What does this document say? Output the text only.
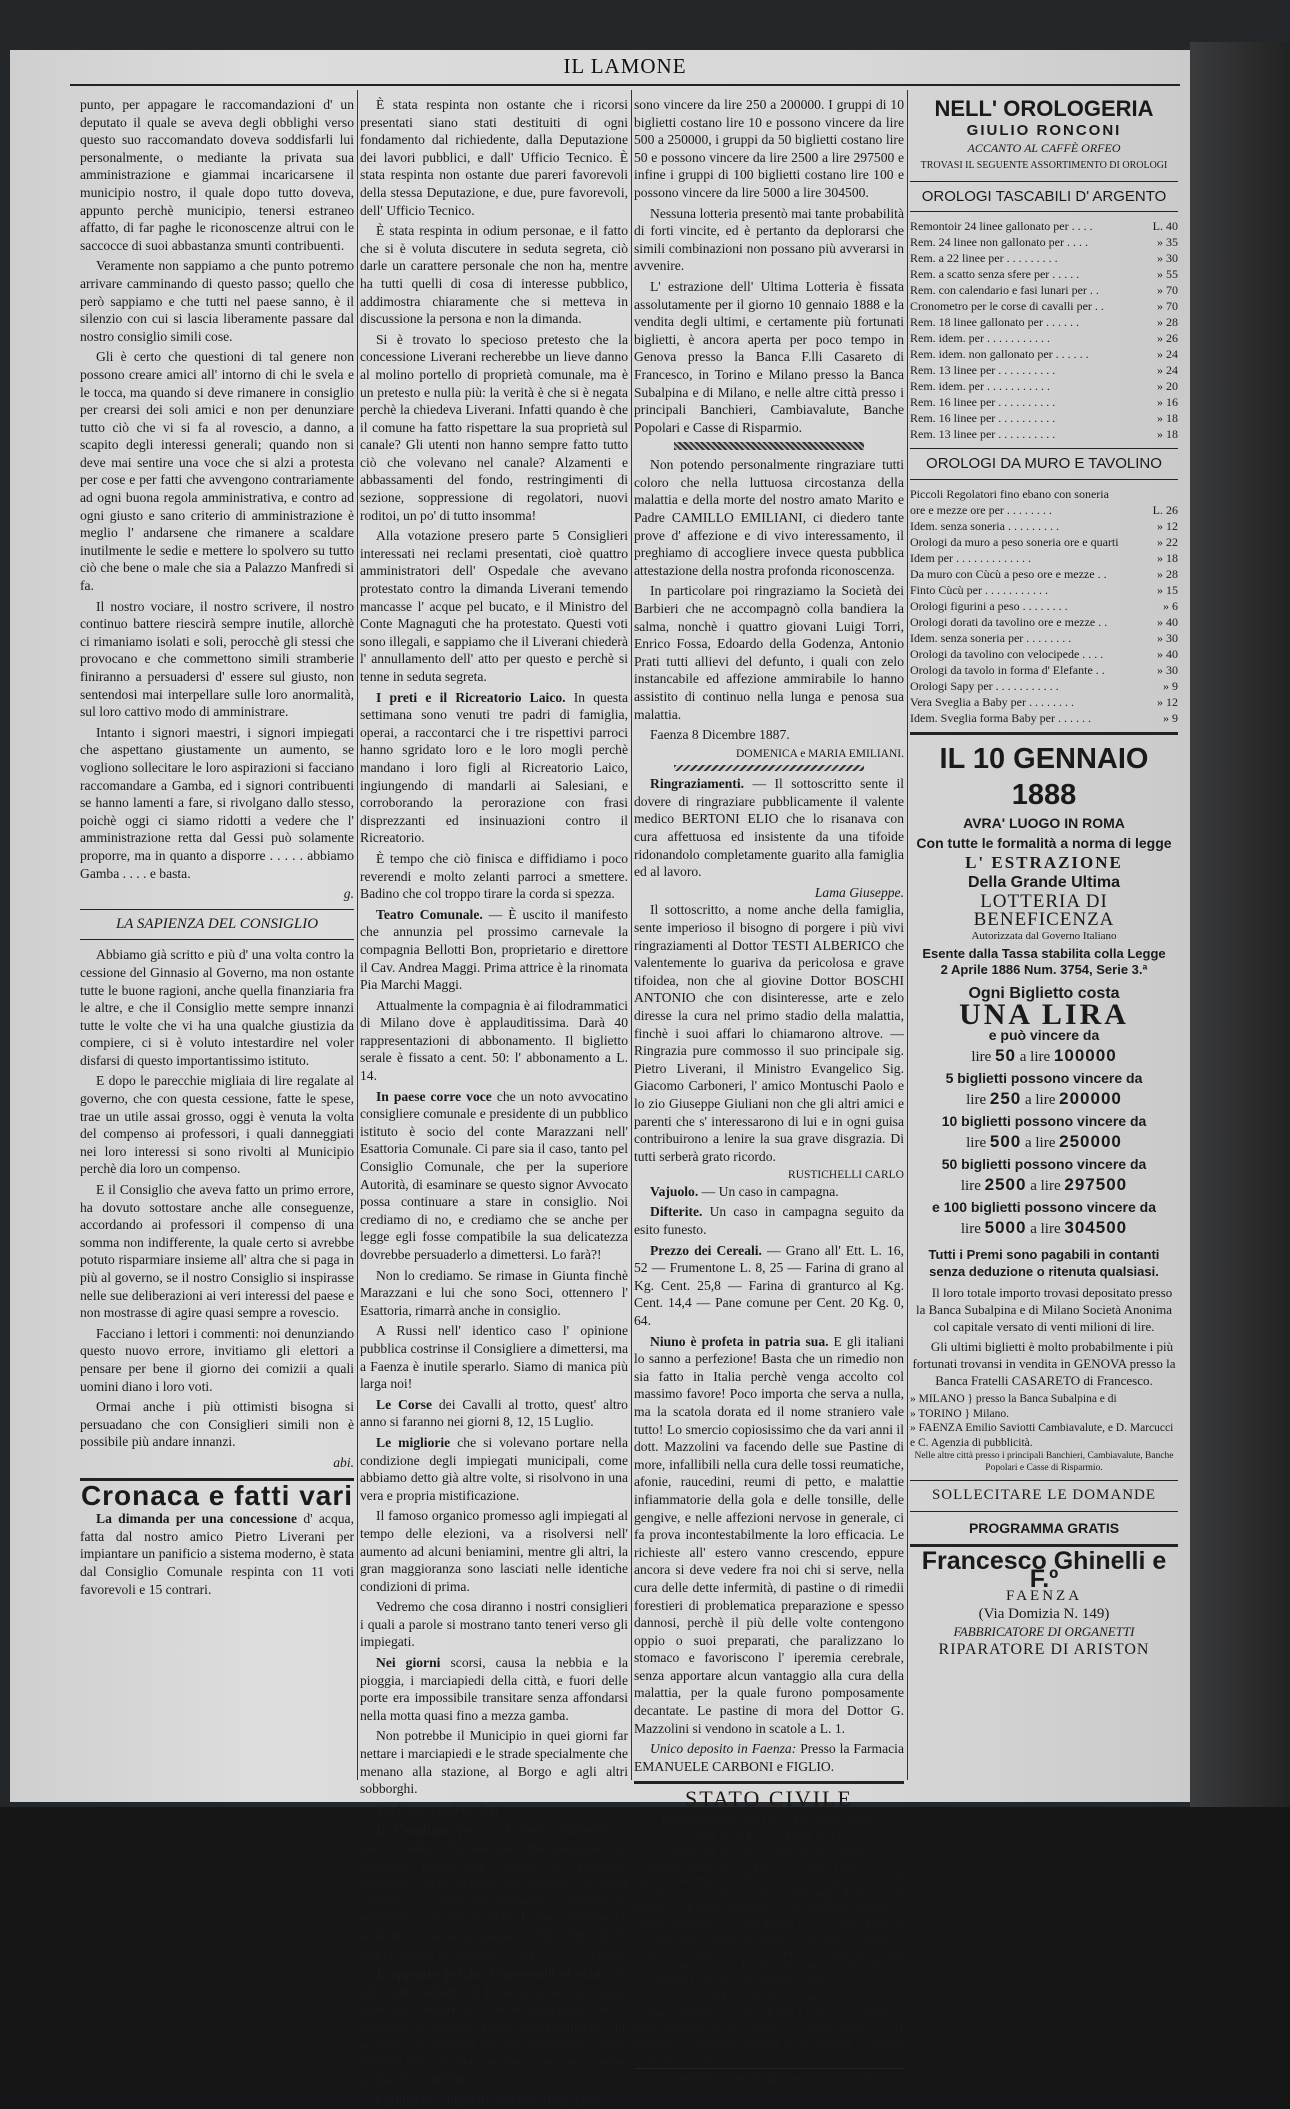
IL LAMONE

punto, per appagare le raccomandazioni d' un deputato il quale se aveva degli obblighi verso questo suo raccomandato doveva soddisfarli lui personalmente, o mediante la privata sua amministrazione e giammai incaricarsene il municipio nostro, il quale dopo tutto doveva, appunto perchè municipio, tenersi estraneo affatto, di far paghe le riconoscenze altrui con le saccocce di suoi abbastanza smunti contribuenti.

Veramente non sappiamo a che punto potremo arrivare camminando di questo passo; quello che però sappiamo e che tutti nel paese sanno, è il silenzio con cui si lascia liberamente passare dal nostro consiglio simili cose.

Gli è certo che questioni di tal genere non possono creare amici all' intorno di chi le svela e le tocca, ma quando si deve rimanere in consiglio per crearsi dei soli amici e non per denunziare tutto ciò che vi si fa al rovescio, a danno, a scapito degli interessi generali; quando non si deve mai sentire una voce che si alzi a protesta per cose e per fatti che avvengono contrariamente ad ogni buona regola amministrativa, e contro ad ogni giusto e sano criterio di amministrazione è meglio l' andarsene che rimanere a scaldare inutilmente le sedie e mettere lo spolvero su tutto ciò che bene o male che sia a Palazzo Manfredi si fa.

Il nostro vociare, il nostro scrivere, il nostro continuo battere riescirà sempre inutile, allorchè ci rimaniamo isolati e soli, perocchè gli stessi che provocano e che commettono simili stramberie finiranno a persuadersi d' essere sul giusto, non sentendosi mai interpellare sulle loro anormalità, sul loro cattivo modo di amministrare.

Intanto i signori maestri, i signori impiegati che aspettano giustamente un aumento, se vogliono sollecitare le loro aspirazioni si facciano raccomandare a Gamba, ed i signori contribuenti se hanno lamenti a fare, si rivolgano dallo stesso, poichè oggi ci siamo ridotti a vedere che l' amministrazione retta dal Gessi può solamente proporre, ma in quanto a disporre . . . . . abbiamo Gamba . . . . e basta.

g.
LA SAPIENZA DEL CONSIGLIO

Abbiamo già scritto e più d' una volta contro la cessione del Ginnasio al Governo, ma non ostante tutte le buone ragioni, anche quella finanziaria fra le altre, e che il Consiglio mette sempre innanzi tutte le volte che vi ha una qualche giustizia da compiere, ci si è voluto intestardire nel voler disfarsi di questo importantissimo istituto.

E dopo le parecchie migliaia di lire regalate al governo, che con questa cessione, fatte le spese, trae un utile assai grosso, oggi è venuta la volta del compenso ai professori, i quali danneggiati nei loro interessi si sono rivolti al Municipio perchè dia loro un compenso.

E il Consiglio che aveva fatto un primo errore, ha dovuto sottostare anche alle conseguenze, accordando ai professori il compenso di una somma non indifferente, la quale certo si avrebbe potuto risparmiare insieme all' altra che si paga in più al governo, se il nostro Consiglio si inspirasse nelle sue deliberazioni ai veri interessi del paese e non mostrasse di agire quasi sempre a rovescio.

Facciano i lettori i commenti: noi denunziando questo nuovo errore, invitiamo gli elettori a pensare per bene il giorno dei comizii a quali uomini diano i loro voti.

Ormai anche i più ottimisti bisogna si persuadano che con Consiglieri simili non è possibile più andare innanzi.

abi.
Cronaca e fatti vari

La dimanda per una concessione d' acqua, fatta dal nostro amico Pietro Liverani per impiantare un panificio a sistema moderno, è stata dal Consiglio Comunale respinta con 11 voti favorevoli e 15 contrari.

È stata respinta non ostante che i ricorsi presentati siano stati destituiti di ogni fondamento dal richiedente, dalla Deputazione dei lavori pubblici, e dall' Ufficio Tecnico. È stata respinta non ostante due pareri favorevoli della stessa Deputazione, e due, pure favorevoli, dell' Ufficio Tecnico.

È stata respinta in odium personae, e il fatto che si è voluta discutere in seduta segreta, ciò darle un carattere personale che non ha, mentre ha tutti quelli di cosa di interesse pubblico, addimostra chiaramente che si metteva in discussione la persona e non la dimanda.

Si è trovato lo specioso pretesto che la concessione Liverani recherebbe un lieve danno al molino portello di proprietà comunale, ma è un pretesto e nulla più: la verità è che si è negata perchè la chiedeva Liverani. Infatti quando è che il comune ha fatto rispettare la sua proprietà sul canale? Gli utenti non hanno sempre fatto tutto ciò che volevano nel canale? Alzamenti e abbassamenti del fondo, restringimenti di sezione, soppressione di regolatori, nuovi roditoi, un po' di tutto insomma!

Alla votazione presero parte 5 Consiglieri interessati nei reclami presentati, cioè quattro amministratori dell' Ospedale che avevano protestato contro la dimanda Liverani temendo mancasse l' acque pel bucato, e il Ministro del Conte Magnaguti che ha protestato. Questi voti sono illegali, e sappiamo che il Liverani chiederà l' annullamento dell' atto per questo e perchè si tenne in seduta segreta.

I preti e il Ricreatorio Laico. In questa settimana sono venuti tre padri di famiglia, operai, a raccontarci che i tre rispettivi parroci hanno sgridato loro e le loro mogli perchè mandano i loro figli al Ricreatorio Laico, ingiungendo di mandarli ai Salesiani, e corroborando la perorazione con frasi disprezzanti ed insinuazioni contro il Ricreatorio.

È tempo che ciò finisca e diffidiamo i poco reverendi e molto zelanti parroci a smettere. Badino che col troppo tirare la corda si spezza.

Teatro Comunale. — È uscito il manifesto che annunzia pel prossimo carnevale la compagnia Bellotti Bon, proprietario e direttore il Cav. Andrea Maggi. Prima attrice è la rinomata Pia Marchi Maggi.

Attualmente la compagnia è ai filodrammatici di Milano dove è applauditissima. Darà 40 rappresentazioni di abbonamento. Il biglietto serale è fissato a cent. 50: l' abbonamento a L. 14.

In paese corre voce che un noto avvocatino consigliere comunale e presidente di un pubblico istituto è socio del conte Marazzani nell' Esattoria Comunale. Ci pare sia il caso, tanto pel Consiglio Comunale, che per la superiore Autorità, di esaminare se questo signor Avvocato possa continuare a stare in consiglio. Noi crediamo di no, e crediamo che se anche per legge egli fosse compatibile la sua delicatezza dovrebbe persuaderlo a dimettersi. Lo farà?!

Non lo crediamo. Se rimase in Giunta finchè Marazzani e lui che sono Soci, ottennero l' Esattoria, rimarrà anche in consiglio.

A Russi nell' identico caso l' opinione pubblica costrinse il Consigliere a dimettersi, ma a Faenza è inutile sperarlo. Siamo di manica più larga noi!

Le Corse dei Cavalli al trotto, quest' altro anno si faranno nei giorni 8, 12, 15 Luglio.

Le migliorie che si volevano portare nella condizione degli impiegati municipali, come abbiamo detto già altre volte, si risolvono in una vera e propria mistificazione.

Il famoso organico promesso agli impiegati al tempo delle elezioni, va a risolversi nell' aumento ad alcuni beniamini, mentre gli altri, la gran maggioranza sono lasciati nelle identiche condizioni di prima.

Vedremo che cosa diranno i nostri consiglieri i quali a parole si mostrano tanto teneri verso gli impiegati.

Nei giorni scorsi, causa la nebbia e la pioggia, i marciapiedi della città, e fuori delle porte era impossibile transitare senza affondarsi nella motta quasi fino a mezza gamba.

Non potrebbe il Municipio in quei giorni far nettare i marciapiedi e le strade specialmente che menano alla stazione, al Borgo e agli altri sobborghi.

Vogliamo credere di sì.

Il Comitato per la Lotteria Nazionale a favore della Esposizione Internazionale di Bologna, invita tutti coloro che volessero occuparsi della vendita dei biglietti di detta Lotteria a volere far domanda corredata di referenze al Comitato della Lotteria Nazionale, sedente in Genova, presso i Flli CROCE fu Mario, piazza S. Giorgio N. 32 p. 1.° — Genova.

È appunto perchè è noto urbi et orbi, che gli ultimi biglietti di Lotteria messi in vendita riportano sempre le vincite principali, che il pubblico si affolla, anche maggiormente, all' acquisto dei biglietti ancora disponibili, i quali costano una sola lira ciascuno e possono vincere da lire 50 a 100000.

I gruppi di 5 biglietti costano 5 lire, e pos-

sono vincere da lire 250 a 200000. I gruppi di 10 biglietti costano lire 10 e possono vincere da lire 500 a 250000, i gruppi da 50 biglietti costano lire 50 e possono vincere da lire 2500 a lire 297500 e infine i gruppi di 100 biglietti costano lire 100 e possono vincere da lire 5000 a lire 304500.

Nessuna lotteria presentò mai tante probabilità di forti vincite, ed è pertanto da deplorarsi che simili combinazioni non possano più avverarsi in avvenire.

L' estrazione dell' Ultima Lotteria è fissata assolutamente per il giorno 10 gennaio 1888 e la vendita degli ultimi, e certamente più fortunati biglietti, è ancora aperta per poco tempo in Genova presso la Banca F.lli Casareto di Francesco, in Torino e Milano presso la Banca Subalpina e di Milano, e nelle altre città presso i principali Banchieri, Cambiavalute, Banche Popolari e Casse di Risparmio.

Non potendo personalmente ringraziare tutti coloro che nella luttuosa circostanza della malattia e della morte del nostro amato Marito e Padre CAMILLO EMILIANI, ci diedero tante prove d' affezione e di vivo interessamento, il preghiamo di accogliere invece questa pubblica attestazione della nostra profonda riconoscenza.

In particolare poi ringraziamo la Società dei Barbieri che ne accompagnò colla bandiera la salma, nonchè i quattro giovani Luigi Torri, Enrico Fossa, Edoardo della Godenza, Antonio Prati tutti allievi del defunto, i quali con zelo instancabile ed affezione ammirabile lo hanno assistito di continuo nella lunga e penosa sua malattia.

Faenza 8 Dicembre 1887.

DOMENICA e MARIA EMILIANI.

Ringraziamenti. — Il sottoscritto sente il dovere di ringraziare pubblicamente il valente medico BERTONI ELIO che lo risanava con cura affettuosa ed insistente da una tifoide ridonandolo completamente guarito alla famiglia ed al lavoro.

Lama Giuseppe.

Il sottoscritto, a nome anche della famiglia, sente imperioso il bisogno di porgere i più vivi ringraziamenti al Dottor TESTI ALBERICO che valentemente lo guariva da pericolosa e grave tifoidea, non che al giovine Dottor BOSCHI ANTONIO che con disinteresse, arte e zelo diresse la cura nel primo stadio della malattia, finchè i suoi affari lo chiamarono altrove. — Ringrazia pure commosso il suo principale sig. Pietro Liverani, il Ministro Evangelico Sig. Giacomo Carboneri, l' amico Montuschi Paolo e lo zio Giuseppe Giuliani non che gli altri amici e parenti che s' interessarono di lui e in ogni guisa contribuirono a lenire la sua grave disgrazia. Di tutti serberà grato ricordo.

RUSTICHELLI CARLO

Vajuolo. — Un caso in campagna.

Difterite. Un caso in campagna seguito da esito funesto.

Prezzo dei Cereali. — Grano all' Ett. L. 16, 52 — Frumentone L. 8, 25 — Farina di grano al Kg. Cent. 25,8 — Farina di granturco al Kg. Cent. 14,4 — Pane comune per Cent. 20 Kg. 0, 64.

Niuno è profeta in patria sua. E gli italiani lo sanno a perfezione! Basta che un rimedio non sia fatto in Italia perchè venga accolto col massimo favore! Poco importa che serva a nulla, ma la scatola dorata ed il nome straniero vale tutto! Lo smercio copiosissimo che da vari anni il dott. Mazzolini va facendo delle sue Pastine di more, infallibili nella cura delle tossi reumatiche, afonie, raucedini, reumi di petto, e malattie infiammatorie della gola e delle tonsille, delle gengive, e nelle affezioni nervose in generale, ci fa prova incontestabilmente la loro efficacia. Le richieste all' estero vanno crescendo, eppure ancora si deve vedere fra noi chi si serve, nella cura delle dette infermità, di pastine o di rimedii forestieri di problematica preparazione e spesso dannosi, perchè il più delle volte contengono oppio o suoi preparati, che paralizzano lo stomaco e favoriscono l' iperemia cerebrale, senza apportare alcun vantaggio alla cura della malattia, per la quale furono pomposamente decantate. Le pastine di mora del Dottor G. Mazzolini si vendono in scatole a L. 1.

Unico deposito in Faenza: Presso la Farmacia EMANUELE CARBONI e FIGLIO.

STATO CIVILE
Denuncie fatte dal 1 al 7 Dicembre 1887.
Nati. M. 6. F. 7. — Totale N. 13.
Morti. M. 6. F. 8. — Totale N. 14, e sono:

Babini Paolo a. 3 figlio — Cavina Paola a. 3 — Sagrini Giuseppe a. 69 calzolaio coniug. — Novelli Caterina a. 70 casalinga nub. — Bellenghi Angelo a. 77 sessale — Ugolini Domenico a. 57 facchino coniug. — Taroni Anna ore 1 — Zoli Emma g. 2 — Vichi Maria a. 80 casal ved. Silvestrini Maria a. 54 tessit. coniug. — Calderoni Giuditta m. 6 — Ancarani Rosa a. 78 già monaca pens. nub. — Leonardi Rosanna a. 69 casal ved. — Emiliani Camillo a. 48 barbiere coniug.

Matrimoni N. 3 e sono:

Bassi Francesco a. 27 e Renzi Lucia a. 23 coloni. — Zoli Giovanni a. 23 caffett. e Campi Teresa a. 21 tessitrice. — Facchini Pasquale a. 35 muratore e Liverani Virginia a. 25 sartrice.

GIUSEPPE MASONI Redattore responsabile.
NELL' OROLOGERIA
GIULIO RONCONI
ACCANTO AL CAFFÈ ORFEO
TROVASI IL SEGUENTE ASSORTIMENTO DI OROLOGI
OROLOGI TASCABILI D' ARGENTO
Remontoir 24 linee gallonato per . . . .	L. 40
Rem. 24 linee non gallonato per . . . .	» 35
Rem. a 22 linee per . . . . . . . . .	» 30
Rem. a scatto senza sfere per . . . . .	» 55
Rem. con calendario e fasi lunari per . .	» 70
Cronometro per le corse di cavalli per . .	» 70
Rem. 18 linee gallonato per . . . . . .	» 28
Rem. idem. per . . . . . . . . . . .	» 26
Rem. idem. non gallonato per . . . . . .	» 24
Rem. 13 linee per . . . . . . . . . .	» 24
Rem. idem. per . . . . . . . . . . .	» 20
Rem. 16 linee per . . . . . . . . . .	» 16
Rem. 16 linee per . . . . . . . . . .	» 18
Rem. 13 linee per . . . . . . . . . .	» 18
OROLOGI DA MURO E TAVOLINO
Piccoli Regolatori fino ebano con soneria
ore e mezze ore per . . . . . . . .	L. 26
Idem. senza soneria . . . . . . . . .	» 12
Orologi da muro a peso soneria ore e quarti	» 22
Idem per . . . . . . . . . . . . .	» 18
Da muro con Cùcù a peso ore e mezze . .	» 28
Finto Cùcù per . . . . . . . . . . .	» 15
Orologi figurini a peso . . . . . . . .	» 6
Orologi dorati da tavolino ore e mezze . .	» 40
Idem. senza soneria per . . . . . . . .	» 30
Orologi da tavolino con velocipede . . . .	» 40
Orologi da tavolo in forma d' Elefante . .	» 30
Orologi Sapy per . . . . . . . . . . .	» 9
Vera Sveglia a Baby per . . . . . . . .	» 12
Idem. Sveglia forma Baby per . . . . . .	» 9
IL 10 GENNAIO 1888
AVRA' LUOGO IN ROMA
Con tutte le formalità a norma di legge
L' ESTRAZIONE
Della Grande Ultima
LOTTERIA DI BENEFICENZA
Autorizzata dal Governo Italiano
Esente dalla Tassa stabilita colla Legge
2 Aprile 1886 Num. 3754, Serie 3.ª
Ogni Biglietto costa
UNA LIRA
e può vincere da
lire 50 a lire 100000
5 biglietti possono vincere da
lire 250 a lire 200000
10 biglietti possono vincere da
lire 500 a lire 250000
50 biglietti possono vincere da
lire 2500 a lire 297500
e 100 biglietti possono vincere da
lire 5000 a lire 304500
Tutti i Premi sono pagabili in contanti senza deduzione o ritenuta qualsiasi.

Il loro totale importo trovasi depositato presso la Banca Subalpina e di Milano Società Anonima col capitale versato di venti milioni di lire.

Gli ultimi biglietti è molto probabilmente i più fortunati trovansi in vendita in GENOVA presso la Banca Fratelli CASARETO di Francesco.

» MILANO } presso la Banca Subalpina e di
» TORINO } Milano.
» FAENZA Emilio Saviotti Cambiavalute, e D. Marcucci e C. Agenzia di pubblicità.
Nelle altre città presso i principali Banchieri, Cambiavalute, Banche Popolari e Casse di Risparmio.
SOLLECITARE LE DOMANDE
PROGRAMMA GRATIS
Francesco Ghinelli e F.º
FAENZA
(Via Domizia N. 149)
FABBRICATORE DI ORGANETTI
RIPARATORE DI ARISTON
